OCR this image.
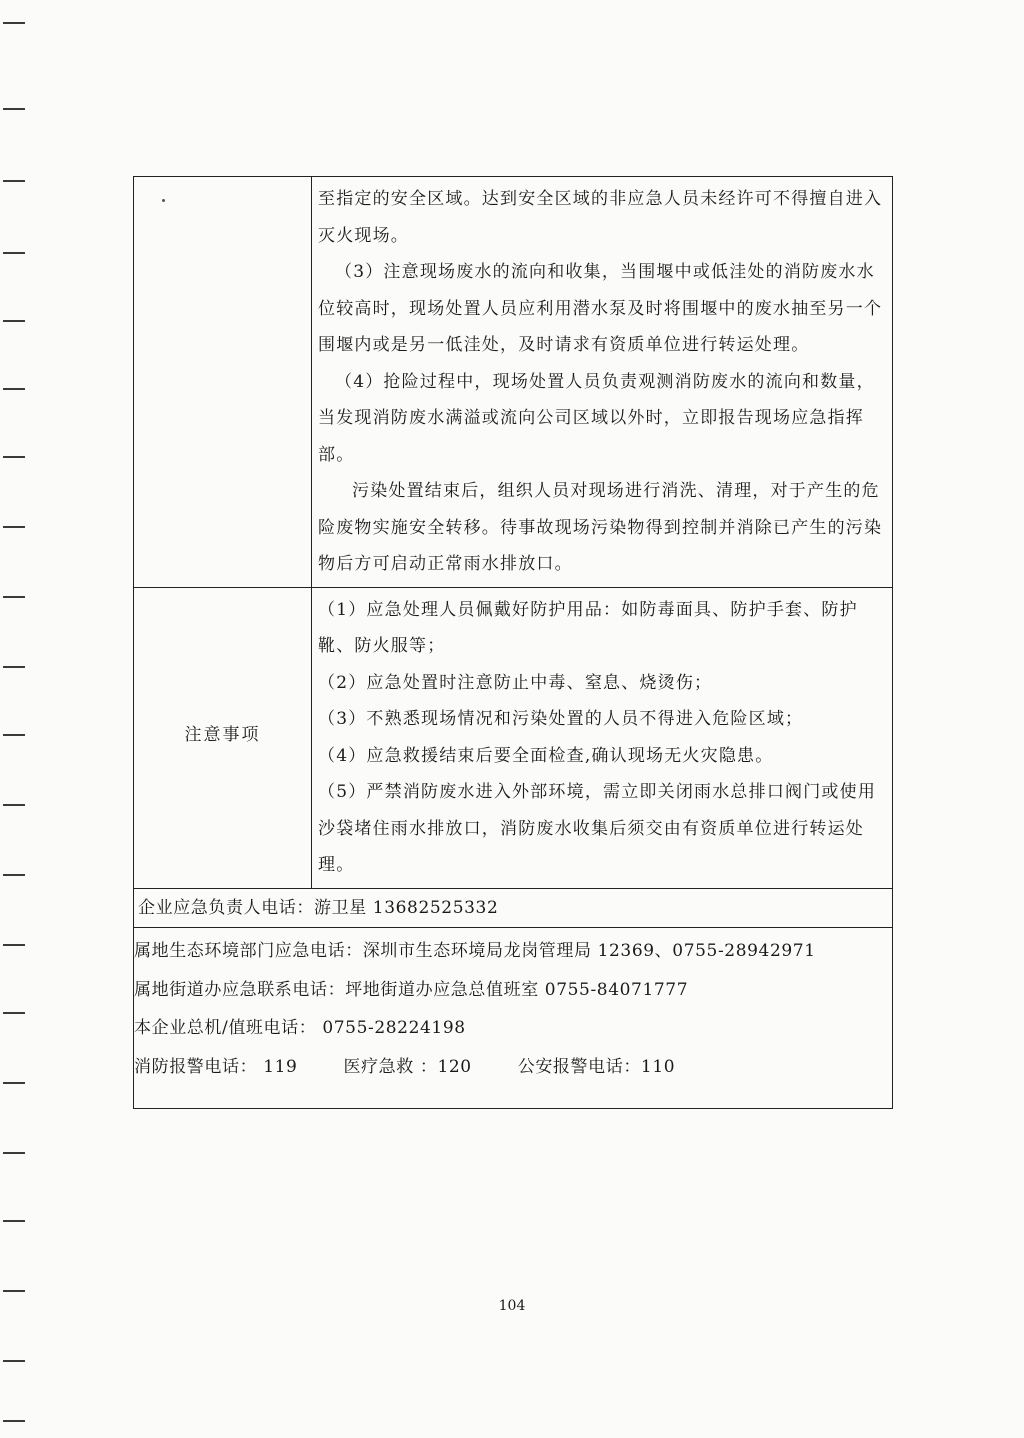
至指定的安全区域。达到安全区域的非应急人员未经许可不得擅自进入灭火现场。

（3）注意现场废水的流向和收集，当围堰中或低洼处的消防废水水位较高时，现场处置人员应利用潜水泵及时将围堰中的废水抽至另一个围堰内或是另一低洼处，及时请求有资质单位进行转运处理。

（4）抢险过程中，现场处置人员负责观测消防废水的流向和数量，当发现消防废水满溢或流向公司区域以外时，立即报告现场应急指挥部。

污染处置结束后，组织人员对现场进行消洗、清理，对于产生的危险废物实施安全转移。待事故现场污染物得到控制并消除已产生的污染物后方可启动正常雨水排放口。

注意事项

（1）应急处理人员佩戴好防护用品：如防毒面具、防护手套、防护靴、防火服等；

（2）应急处置时注意防止中毒、窒息、烧烫伤；

（3）不熟悉现场情况和污染处置的人员不得进入危险区域；

（4）应急救援结束后要全面检查,确认现场无火灾隐患。

（5）严禁消防废水进入外部环境，需立即关闭雨水总排口阀门或使用沙袋堵住雨水排放口，消防废水收集后须交由有资质单位进行转运处理。

企业应急负责人电话：游卫星 13682525332
属地生态环境部门应急电话：深圳市生态环境局龙岗管理局 12369、0755-28942971
属地街道办应急联系电话：坪地街道办应急总值班室 0755-84071777
本企业总机/值班电话： 0755-28224198
消防报警电话： 119	医疗急救 ：120	公安报警电话：110
104
